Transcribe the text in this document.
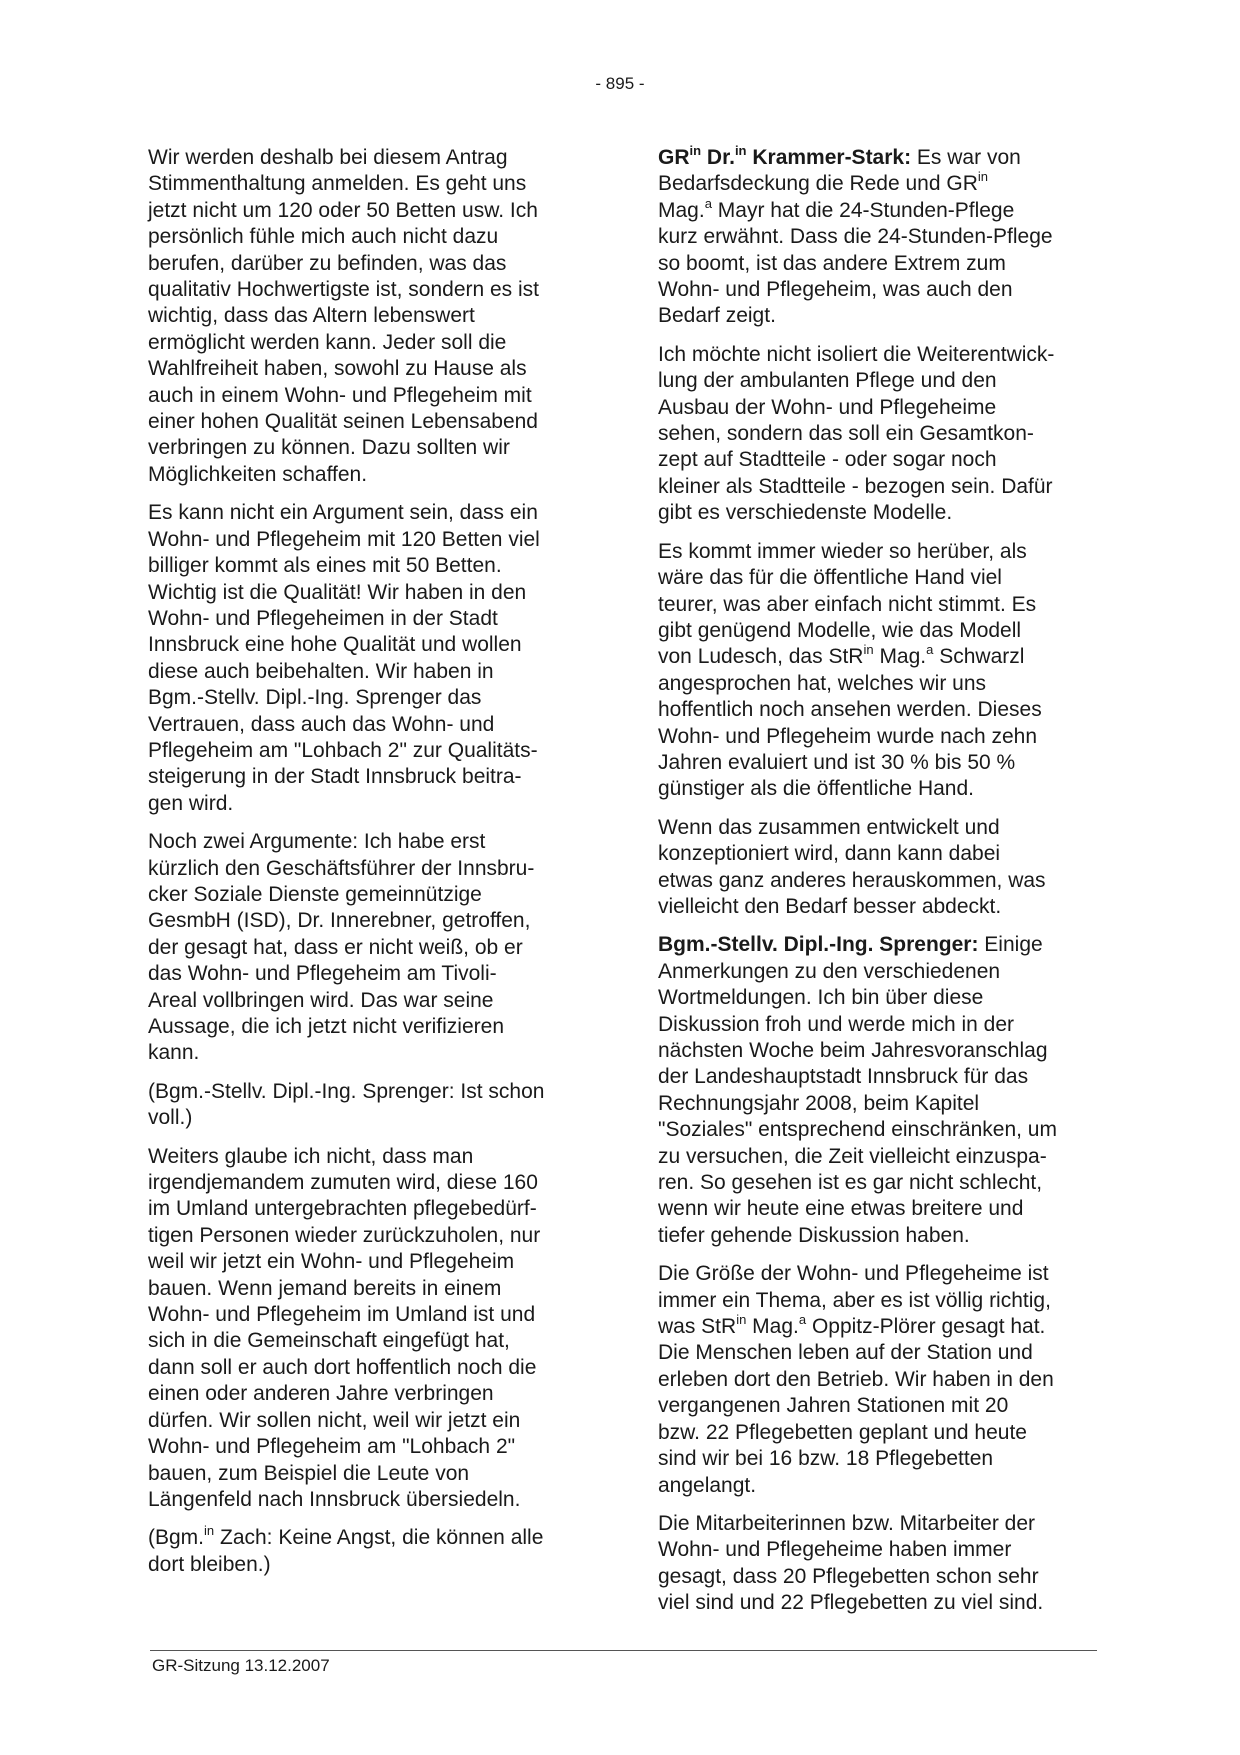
- 895 -

Wir werden deshalb bei diesem Antrag
Stimmenthaltung anmelden. Es geht uns
jetzt nicht um 120 oder 50 Betten usw. Ich
persönlich fühle mich auch nicht dazu
berufen, darüber zu befinden, was das
qualitativ Hochwertigste ist, sondern es ist
wichtig, dass das Altern lebenswert
ermöglicht werden kann. Jeder soll die
Wahlfreiheit haben, sowohl zu Hause als
auch in einem Wohn- und Pflegeheim mit
einer hohen Qualität seinen Lebensabend
verbringen zu können. Dazu sollten wir
Möglichkeiten schaffen.

Es kann nicht ein Argument sein, dass ein
Wohn- und Pflegeheim mit 120 Betten viel
billiger kommt als eines mit 50 Betten.
Wichtig ist die Qualität! Wir haben in den
Wohn- und Pflegeheimen in der Stadt
Innsbruck eine hohe Qualität und wollen
diese auch beibehalten. Wir haben in
Bgm.-Stellv. Dipl.-Ing. Sprenger das
Vertrauen, dass auch das Wohn- und
Pflegeheim am "Lohbach 2" zur Qualitäts-
steigerung in der Stadt Innsbruck beitra-
gen wird.

Noch zwei Argumente: Ich habe erst
kürzlich den Geschäftsführer der Innsbru-
cker Soziale Dienste gemeinnützige
GesmbH (ISD), Dr. Innerebner, getroffen,
der gesagt hat, dass er nicht weiß, ob er
das Wohn- und Pflegeheim am Tivoli-
Areal vollbringen wird. Das war seine
Aussage, die ich jetzt nicht verifizieren
kann.

(Bgm.-Stellv. Dipl.-Ing. Sprenger: Ist schon
voll.)

Weiters glaube ich nicht, dass man
irgendjemandem zumuten wird, diese 160
im Umland untergebrachten pflegebedürf-
tigen Personen wieder zurückzuholen, nur
weil wir jetzt ein Wohn- und Pflegeheim
bauen. Wenn jemand bereits in einem
Wohn- und Pflegeheim im Umland ist und
sich in die Gemeinschaft eingefügt hat,
dann soll er auch dort hoffentlich noch die
einen oder anderen Jahre verbringen
dürfen. Wir sollen nicht, weil wir jetzt ein
Wohn- und Pflegeheim am "Lohbach 2"
bauen, zum Beispiel die Leute von
Längenfeld nach Innsbruck übersiedeln.

(Bgm.$^{in}$ Zach: Keine Angst, die können alle
dort bleiben.)

$GR^{in}$ Dr.$^{in}$ Krammer-Stark: Es war von
Bedarfsdeckung die Rede und $GR^{in}$
Mag.$^a$ Mayr hat die 24-Stunden-Pflege
kurz erwähnt. Dass die 24-Stunden-Pflege
so boomt, ist das andere Extrem zum
Wohn- und Pflegeheim, was auch den
Bedarf zeigt.

Ich möchte nicht isoliert die Weiterentwick-
lung der ambulanten Pflege und den
Ausbau der Wohn- und Pflegeheime
sehen, sondern das soll ein Gesamtkon-
zept auf Stadtteile - oder sogar noch
kleiner als Stadtteile - bezogen sein. Dafür
gibt es verschiedenste Modelle.

Es kommt immer wieder so herüber, als
wäre das für die öffentliche Hand viel
teurer, was aber einfach nicht stimmt. Es
gibt genügend Modelle, wie das Modell
von Ludesch, das StR$^{in}$ Mag.$^a$ Schwarzl
angesprochen hat, welches wir uns
hoffentlich noch ansehen werden. Dieses
Wohn- und Pflegeheim wurde nach zehn
Jahren evaluiert und ist 30 % bis 50 %
günstiger als die öffentliche Hand.

Wenn das zusammen entwickelt und
konzeptioniert wird, dann kann dabei
etwas ganz anderes herauskommen, was
vielleicht den Bedarf besser abdeckt.

Bgm.-Stellv. Dipl.-Ing. Sprenger: Einige
Anmerkungen zu den verschiedenen
Wortmeldungen. Ich bin über diese
Diskussion froh und werde mich in der
nächsten Woche beim Jahresvoranschlag
der Landeshauptstadt Innsbruck für das
Rechnungsjahr 2008, beim Kapitel
"Soziales" entsprechend einschränken, um
zu versuchen, die Zeit vielleicht einzuspa-
ren. So gesehen ist es gar nicht schlecht,
wenn wir heute eine etwas breitere und
tiefer gehende Diskussion haben.

Die Größe der Wohn- und Pflegeheime ist
immer ein Thema, aber es ist völlig richtig,
was StR$^{in}$ Mag.$^a$ Oppitz-Plörer gesagt hat.
Die Menschen leben auf der Station und
erleben dort den Betrieb. Wir haben in den
vergangenen Jahren Stationen mit 20
bzw. 22 Pflegebetten geplant und heute
sind wir bei 16 bzw. 18 Pflegebetten
angelangt.

Die Mitarbeiterinnen bzw. Mitarbeiter der
Wohn- und Pflegeheime haben immer
gesagt, dass 20 Pflegebetten schon sehr
viel sind und 22 Pflegebetten zu viel sind.

GR-Sitzung 13.12.2007
